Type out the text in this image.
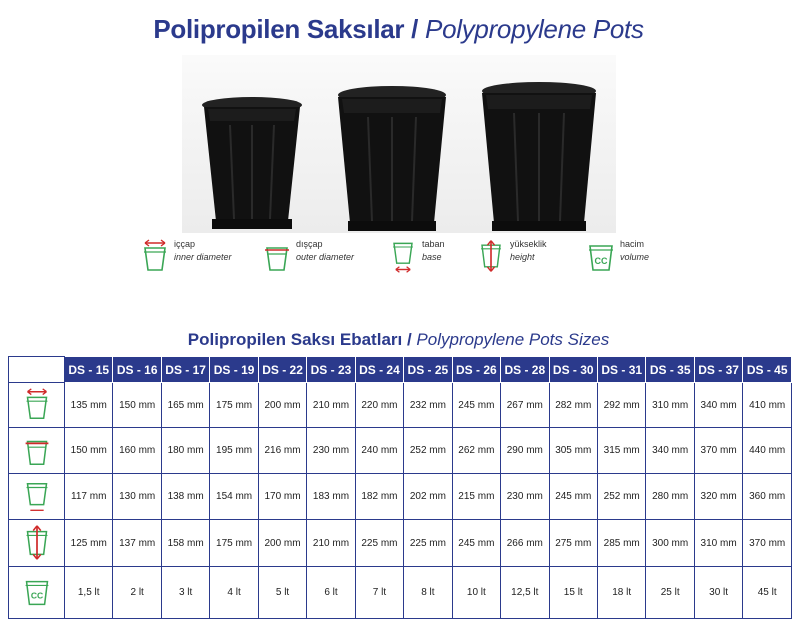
Polipropilen Saksılar / Polypropylene Pots
iççap
inner diameter
dışçap
outer diameter
taban
base
yükseklik
height	CC
hacim
volume
Polipropilen Saksı Ebatları / Polypropylene Pots Sizes
	DS - 15	DS - 16	DS - 17	DS - 19	DS - 22	DS - 23	DS - 24	DS - 25	DS - 26	DS - 28	DS - 30	DS - 31	DS - 35	DS - 37	DS - 45

	135 mm	150 mm	165 mm	175 mm	200 mm	210 mm	220 mm	232 mm	245 mm	267 mm	282 mm	292 mm	310 mm	340 mm	410 mm

	150 mm	160 mm	180 mm	195 mm	216 mm	230 mm	240 mm	252 mm	262 mm	290 mm	305 mm	315 mm	340 mm	370 mm	440 mm

	117 mm	130 mm	138 mm	154 mm	170 mm	183 mm	182 mm	202 mm	215 mm	230 mm	245 mm	252 mm	280 mm	320 mm	360 mm

	125 mm	137 mm	158 mm	175 mm	200 mm	210 mm	225 mm	225 mm	245 mm	266 mm	275 mm	285 mm	300 mm	310 mm	370 mm

CC	1,5 lt	2 lt	3 lt	4 lt	5 lt	6 lt	7 lt	8 lt	10 lt	12,5 lt	15 lt	18 lt	25 lt	30 lt	45 lt
